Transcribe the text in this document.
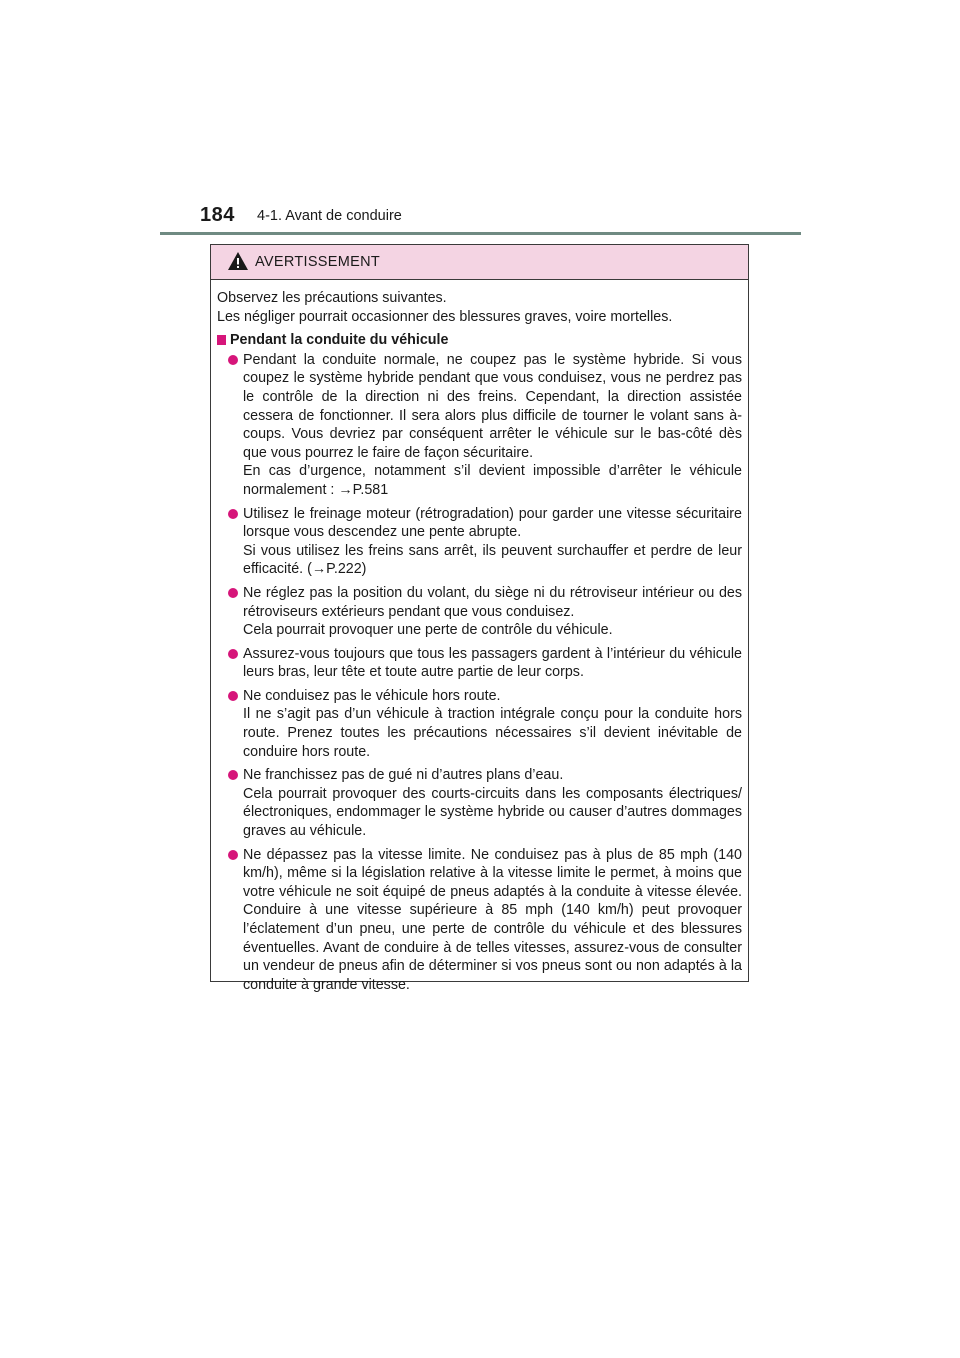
184 4-1. Avant de conduire
AVERTISSEMENT
Observez les précautions suivantes.
Les négliger pourrait occasionner des blessures graves, voire mortelles.
Pendant la conduite du véhicule

Pendant la conduite normale, ne coupez pas le système hybride. Si vous coupez le système hybride pendant que vous conduisez, vous ne perdrez pas le contrôle de la direction ni des freins. Cependant, la direction assistée cessera de fonctionner. Il sera alors plus difficile de tourner le volant sans à-coups. Vous devriez par conséquent arrêter le véhicule sur le bas-côté dès que vous pourrez le faire de façon sécuritaire.

En cas d’urgence, notamment s’il devient impossible d’arrêter le véhicule normalement : →P.581

Utilisez le freinage moteur (rétrogradation) pour garder une vitesse sécuritaire lorsque vous descendez une pente abrupte.

Si vous utilisez les freins sans arrêt, ils peuvent surchauffer et perdre de leur efficacité. (→P.222)

Ne réglez pas la position du volant, du siège ni du rétroviseur intérieur ou des rétroviseurs extérieurs pendant que vous conduisez.

Cela pourrait provoquer une perte de contrôle du véhicule.

Assurez-vous toujours que tous les passagers gardent à l’intérieur du véhicule leurs bras, leur tête et toute autre partie de leur corps.

Ne conduisez pas le véhicule hors route.

Il ne s’agit pas d’un véhicule à traction intégrale conçu pour la conduite hors route. Prenez toutes les précautions nécessaires s’il devient inévitable de conduire hors route.

Ne franchissez pas de gué ni d’autres plans d’eau.

Cela pourrait provoquer des courts-circuits dans les composants électriques/électroniques, endommager le système hybride ou causer d’autres dommages graves au véhicule.

Ne dépassez pas la vitesse limite. Ne conduisez pas à plus de 85 mph (140 km/h), même si la législation relative à la vitesse limite le permet, à moins que votre véhicule ne soit équipé de pneus adaptés à la conduite à vitesse élevée. Conduire à une vitesse supérieure à 85 mph (140 km/h) peut provoquer l’éclatement d’un pneu, une perte de contrôle du véhicule et des blessures éventuelles. Avant de conduire à de telles vitesses, assurez-vous de consulter un vendeur de pneus afin de déterminer si vos pneus sont ou non adaptés à la conduite à grande vitesse.
